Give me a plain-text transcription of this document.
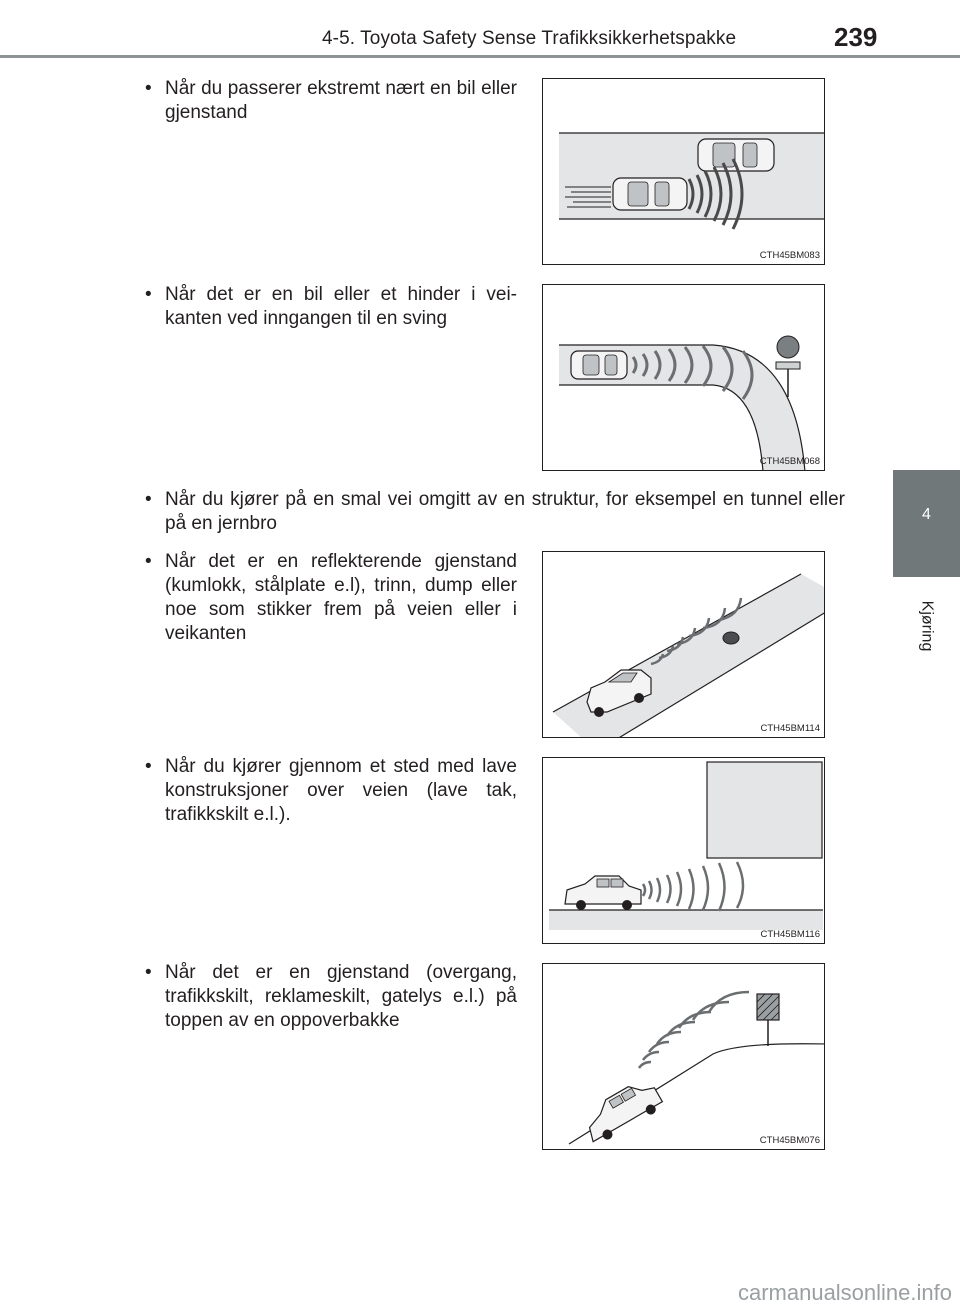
4-5. Toyota Safety Sense Trafikksikkerhetspakke	239
4
Kjøring
• Når du passerer ekstremt nært en bil eller gjenstand
CTH45BM083
• Når det er en bil eller et hinder i vei-kanten ved inngangen til en sving
CTH45BM068
• Når du kjører på en smal vei omgitt av en struktur, for eksempel en tunnel eller på en jernbro
• Når det er en reflekterende gjenstand (kumlokk, stålplate e.l), trinn, dump eller noe som stikker frem på veien eller i veikanten
CTH45BM114
• Når du kjører gjennom et sted med lave konstruksjoner over veien (lave tak, trafikkskilt e.l.).
CTH45BM116
• Når det er en gjenstand (overgang, trafikkskilt, reklameskilt, gatelys e.l.) på toppen av en oppoverbakke
CTH45BM076
carmanualsonline.info
